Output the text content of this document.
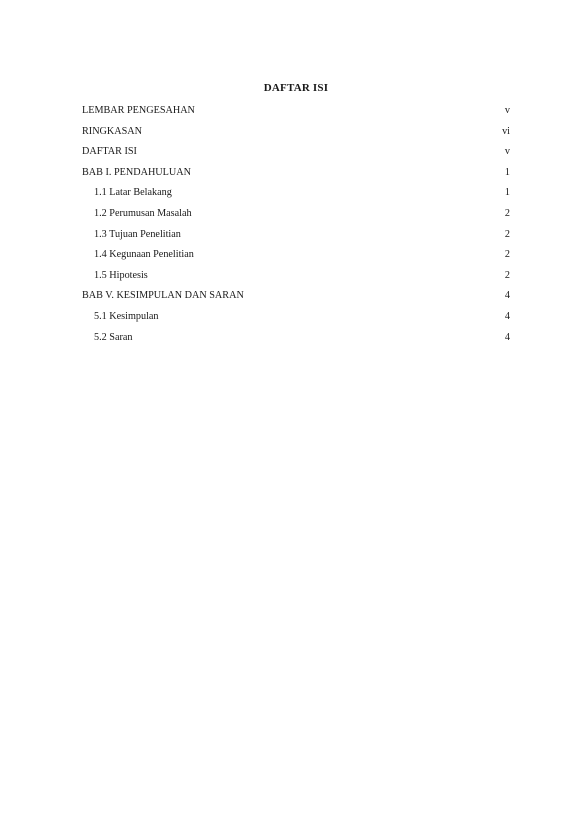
DAFTAR ISI
LEMBAR PENGESAHAN .....	v
RINGKASAN .....	vi
DAFTAR ISI .....	v
BAB I. PENDAHULUAN .....	1
1.1 Latar Belakang .....	1
1.2 Perumusan Masalah .....	2
1.3 Tujuan Penelitian .....	2
1.4 Kegunaan Penelitian .....	2
1.5 Hipotesis .....	2
BAB V. KESIMPULAN DAN SARAN .....	4
5.1 Kesimpulan .....	4
5.2 Saran .....	4
